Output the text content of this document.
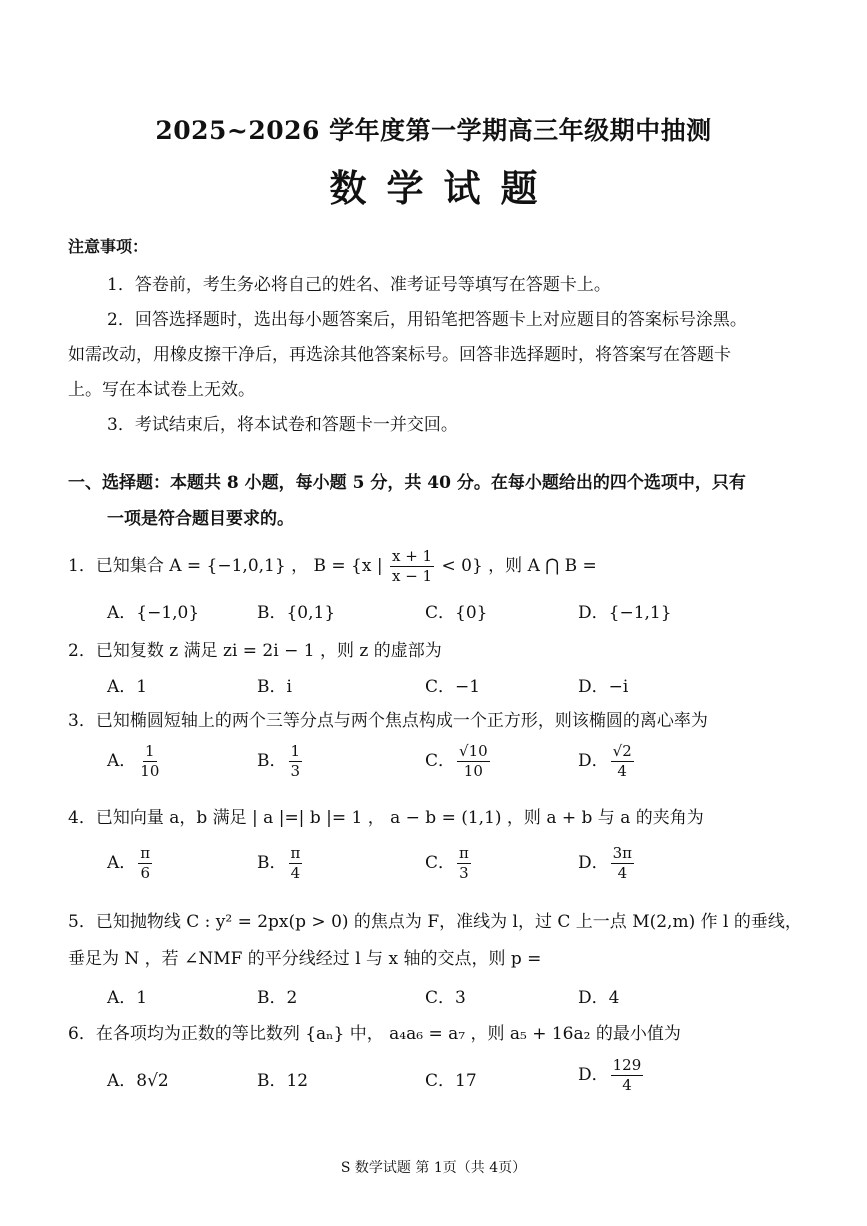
2025~2026 学年度第一学期高三年级期中抽测
数学试题
注意事项：
1．答卷前，考生务必将自己的姓名、准考证号等填写在答题卡上。
2．回答选择题时，选出每小题答案后，用铅笔把答题卡上对应题目的答案标号涂黑。
如需改动，用橡皮擦干净后，再选涂其他答案标号。回答非选择题时，将答案写在答题卡
上。写在本试卷上无效。
3．考试结束后，将本试卷和答题卡一并交回。
一、选择题：本题共 8 小题，每小题 5 分，共 40 分。在每小题给出的四个选项中，只有
一项是符合题目要求的。
1．已知集合 A = {−1,0,1} ， B = {x | $\frac{x + 1}{x - 1} < 0$} ，则 A ⋂ B =
A．{−1,0}	B．{0,1}	C．{0}	D．{−1,1}
2．已知复数 z 满足 zi = 2i − 1 ，则 z 的虚部为
A．1	B．i	C．−1	D．−i
3．已知椭圆短轴上的两个三等分点与两个焦点构成一个正方形，则该椭圆的离心率为
A． $\frac{1}{10}$	B． $\frac{1}{3}$	C． $\frac{√10}{10}$	D． $\frac{√2}{4}$
4．已知向量 a，b 满足 | a |=| b |= 1 ， a − b = (1,1) ，则 a + b 与 a 的夹角为
A． $\frac{\pi}{6}$	B． $\frac{\pi}{4}$	C． $\frac{\pi}{3}$	D． $\frac{3\pi}{4}$
5．已知抛物线 C : y² = 2px(p > 0) 的焦点为 F，准线为 l，过 C 上一点 M(2,m) 作 l 的垂线，
垂足为 N ，若 ∠NMF 的平分线经过 l 与 x 轴的交点，则 p =
A．1	B．2	C．3	D．4
6．在各项均为正数的等比数列 {aₙ} 中， a₄a₆ = a₇ ，则 a₅ + 16a₂ 的最小值为
A．8√2	B．12	C．17	D． $\frac{129}{4}$
S 数学试题 第 1页（共 4页）
